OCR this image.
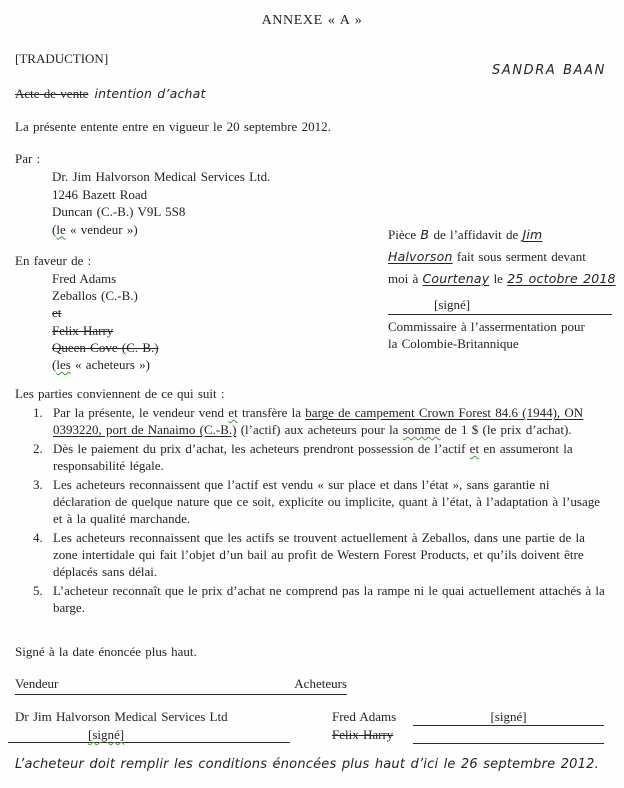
ANNEXE « A »
[TRADUCTION]
SANDRA BAAN
Acte de vente intention d’achat
La présente entente entre en vigueur le 20 septembre 2012.
Par :
Dr. Jim Halvorson Medical Services Ltd.
1246 Bazett Road
Duncan (C.-B.) V9L 5S8
(le « vendeur »)
En faveur de :
Fred Adams
Zeballos (C.-B.)
et
Felix Harry
Queen Cove (C. B.)
(les « acheteurs »)
Pièce B de l’affidavit de Jim
Halvorson fait sous serment devant
moi à Courtenay le 25 octobre 2018
[signé]
Commissaire à l’assermentation pour
la Colombie-Britannique
Les parties conviennent de ce qui suit :
1. Par la présente, le vendeur vend et transfère la barge de campement Crown Forest 84.6 (1944), ON 0393220, port de Nanaimo (C.-B.) (l’actif) aux acheteurs pour la somme de 1 $ (le prix d’achat).
2. Dès le paiement du prix d’achat, les acheteurs prendront possession de l’actif et en assumeront la responsabilité légale.
3. Les acheteurs reconnaissent que l’actif est vendu « sur place et dans l’état », sans garantie ni déclaration de quelque nature que ce soit, explicite ou implicite, quant à l’état, à l’adaptation à l’usage et à la qualité marchande.
4. Les acheteurs reconnaissent que les actifs se trouvent actuellement à Zeballos, dans une partie de la zone intertidale qui fait l’objet d’un bail au profit de Western Forest Products, et qu’ils doivent être déplacés sans délai.
5. L’acheteur reconnaît que le prix d’achat ne comprend pas la rampe ni le quai actuellement attachés à la barge.
Signé à la date énoncée plus haut.
Vendeur	Acheteurs
Dr Jim Halvorson Medical Services Ltd
[signé]
Fred Adams	[signé]
Felix Harry
L’acheteur doit remplir les conditions énoncées plus haut d’ici le 26 septembre 2012.
